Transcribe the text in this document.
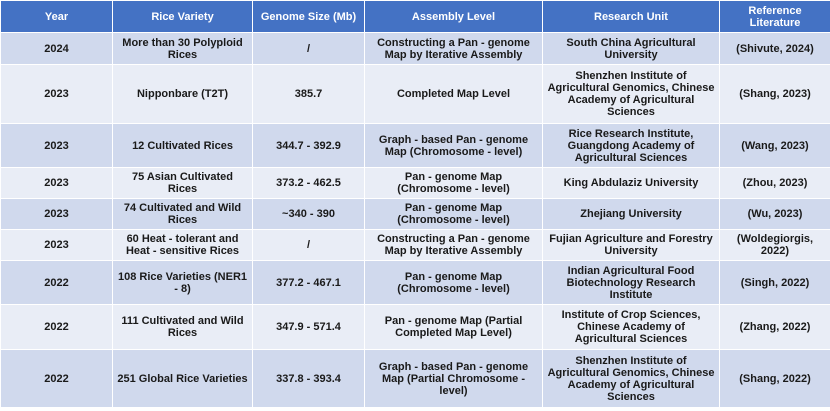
Year	Rice Variety	Genome Size (Mb)	Assembly Level	Research Unit	Reference Literature
2024	More than 30 Polyploid Rices	/	Constructing a Pan - genome Map by Iterative Assembly	South China Agricultural University	(Shivute, 2024)
2023	Nipponbare (T2T)	385.7	Completed Map Level	Shenzhen Institute of Agricultural Genomics, Chinese Academy of Agricultural Sciences	(Shang, 2023)
2023	12 Cultivated Rices	344.7 - 392.9	Graph - based Pan - genome Map (Chromosome - level)	Rice Research Institute, Guangdong Academy of Agricultural Sciences	(Wang, 2023)
2023	75 Asian Cultivated Rices	373.2 - 462.5	Pan - genome Map (Chromosome - level)	King Abdulaziz University	(Zhou, 2023)
2023	74 Cultivated and Wild Rices	~340 - 390	Pan - genome Map (Chromosome - level)	Zhejiang University	(Wu, 2023)
2023	60 Heat - tolerant and Heat - sensitive Rices	/	Constructing a Pan - genome Map by Iterative Assembly	Fujian Agriculture and Forestry University	(Woldegiorgis, 2022)
2022	108 Rice Varieties (NER1 - 8)	377.2 - 467.1	Pan - genome Map (Chromosome - level)	Indian Agricultural Food Biotechnology Research Institute	(Singh, 2022)
2022	111 Cultivated and Wild Rices	347.9 - 571.4	Pan - genome Map (Partial Completed Map Level)	Institute of Crop Sciences, Chinese Academy of Agricultural Sciences	(Zhang, 2022)
2022	251 Global Rice Varieties	337.8 - 393.4	Graph - based Pan - genome Map (Partial Chromosome - level)	Shenzhen Institute of Agricultural Genomics, Chinese Academy of Agricultural Sciences	(Shang, 2022)
